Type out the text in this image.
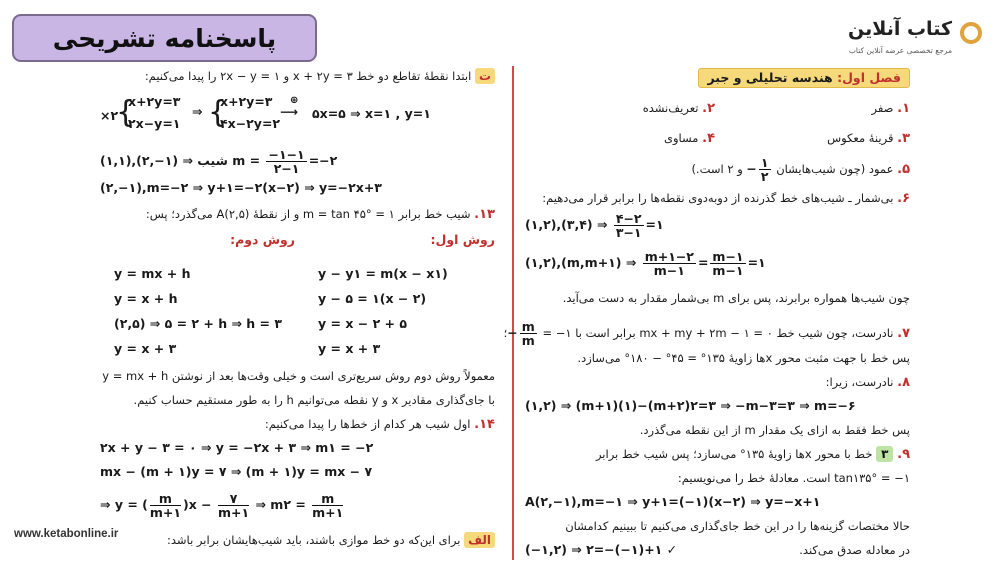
پاسخنامه تشریحی	کتاب آنلاین
مرجع تخصصی عرضه آنلاین کتاب
فصل اول: هندسه تحلیلی و جبر
۱. صفر
۲. تعریف‌نشده
۳. قرینهٔ معکوس
۴. مساوی
۵. عمود (چون شیب‌هایشان − $\frac{۱}{۲}$
و ۲ است.)
۶. بی‌شمار ـ شیب‌های خط گذرنده از دوبه‌دوی نقطه‌ها را برابر قرار می‌دهیم:
(۱,۲),(۳,۴) ⇒ $\frac{۴-۲}{۳-۱}$ =۱
(۱,۲),(m,m+۱) ⇒ $\frac{m+۱-۲}{m-۱} = \frac{m-۱}{m-۱}$ =۱
چون شیب‌ها همواره برابرند، پس برای m بی‌شمار مقدار به دست می‌آید.
۷. نادرست، چون شیب خط ۰ = mx + my + ۲m − ۱ برابر است با ۱− = − $\frac{m}{m}$
؛
پس خط با جهت مثبت محور xها زاویهٔ ۱۳۵° = ۴۵° − ۱۸۰° می‌سازد.
۸. نادرست، زیرا:
(۱,۲) ⇒ (m+۱)(۱)−(m+۲)۲=۳ ⇒ −m−۳=۳ ⇒ m=−۶
پس خط فقط به ازای یک مقدار m از این نقطه می‌گذرد.
۹. ۳ خط با محور xها زاویهٔ ۱۳۵° می‌سازد؛ پس شیب خط برابر
۱− = tan۱۳۵° است. معادلهٔ خط را می‌نویسیم:
A(۲,−۱),m=−۱ ⇒ y+۱=(−۱)(x−۲) ⇒ y=−x+۱
حالا مختصات گزینه‌ها را در این خط جای‌گذاری می‌کنیم تا ببینیم کدامشان
در معادله صدق می‌کند.
(−۱,۲) ⇒ ۲=−(−۱)+۱ ✓
ت ابتدا نقطهٔ تقاطع دو خط ۳ = x + ۲y و ۱ = ۲x − y را پیدا می‌کنیم:
×۲
{
x+۲y=۳
۲x−y=۱
⇒ {
x+۲y=۳
۴x−۲y=۲
⊕
⟶ ۵x=۵ ⇒ x=۱ , y=۱
(۱,۱),(۲,−۱) ⇒ شیب $m = \frac{-۱-۱}{۲-۱}$ =−۲
(۲,−۱),m=−۲ ⇒ y+۱=−۲(x−۲) ⇒ y=−۲x+۳
۱۳. شیب خط برابر ۱ = m = tan ۴۵° و از نقطهٔ (۲,۵)A می‌گذرد؛ پس:
روش اول:
روش دوم:
y − y۱ = m(x − x۱)
y − ۵ = ۱(x − ۲)
y = x − ۲ + ۵
y = x + ۳
y = mx + h
y = x + h
(۲,۵) ⇒ ۵ = ۲ + h ⇒ h = ۳
y = x + ۳
معمولاً روش دوم روش سریع‌تری است و خیلی وقت‌ها بعد از نوشتن y = mx + h
با جای‌گذاری مقادیر x و y نقطه می‌توانیم h را به طور مستقیم حساب کنیم.
۱۴. اول شیب هر کدام از خط‌ها را پیدا می‌کنیم:
۲x + y − ۳ = ۰ ⇒ y = −۲x + ۳ ⇒ m۱ = −۲
mx − (m + ۱)y = ۷ ⇒ (m + ۱)y = mx − ۷
⇒ y = ( $\frac{m}{m+۱} )x - \frac{۷}{m+۱}$ ⇒ m۲ = $\frac{m}{m+۱}$
الف برای این‌که دو خط موازی باشند، باید شیب‌هایشان برابر باشد:
www.ketabonline.ir
